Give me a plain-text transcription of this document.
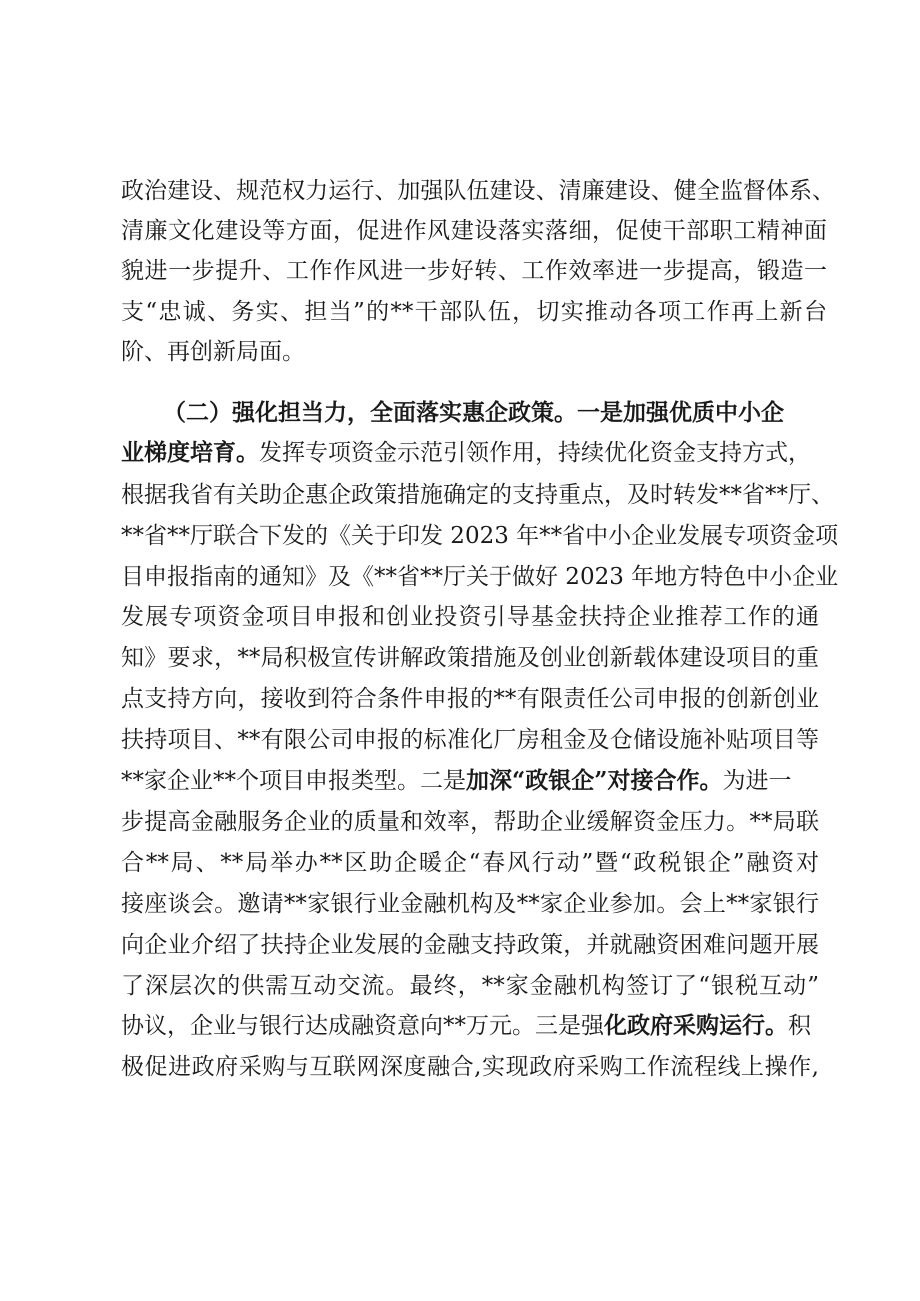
政治建设、规范权力运行、加强队伍建设、清廉建设、健全监督体系、
清廉文化建设等方面，促进作风建设落实落细，促使干部职工精神面
貌进一步提升、工作作风进一步好转、工作效率进一步提高，锻造一
支“忠诚、务实、担当”的**干部队伍，切实推动各项工作再上新台
阶、再创新局面。
（二）强化担当力，全面落实惠企政策。一是加强优质中小企
业梯度培育。发挥专项资金示范引领作用，持续优化资金支持方式，
根据我省有关助企惠企政策措施确定的支持重点，及时转发**省**厅、
**省**厅联合下发的《关于印发 2023 年**省中小企业发展专项资金项
目申报指南的通知》及《**省**厅关于做好 2023 年地方特色中小企业
发展专项资金项目申报和创业投资引导基金扶持企业推荐工作的通
知》要求，**局积极宣传讲解政策措施及创业创新载体建设项目的重
点支持方向，接收到符合条件申报的**有限责任公司申报的创新创业
扶持项目、**有限公司申报的标准化厂房租金及仓储设施补贴项目等
**家企业**个项目申报类型。二是加深“政银企”对接合作。为进一
步提高金融服务企业的质量和效率，帮助企业缓解资金压力。**局联
合**局、**局举办**区助企暖企“春风行动”暨“政税银企”融资对
接座谈会。邀请**家银行业金融机构及**家企业参加。会上**家银行
向企业介绍了扶持企业发展的金融支持政策，并就融资困难问题开展
了深层次的供需互动交流。最终，**家金融机构签订了“银税互动”
协议，企业与银行达成融资意向**万元。三是强化政府采购运行。积
极促进政府采购与互联网深度融合,实现政府采购工作流程线上操作,
